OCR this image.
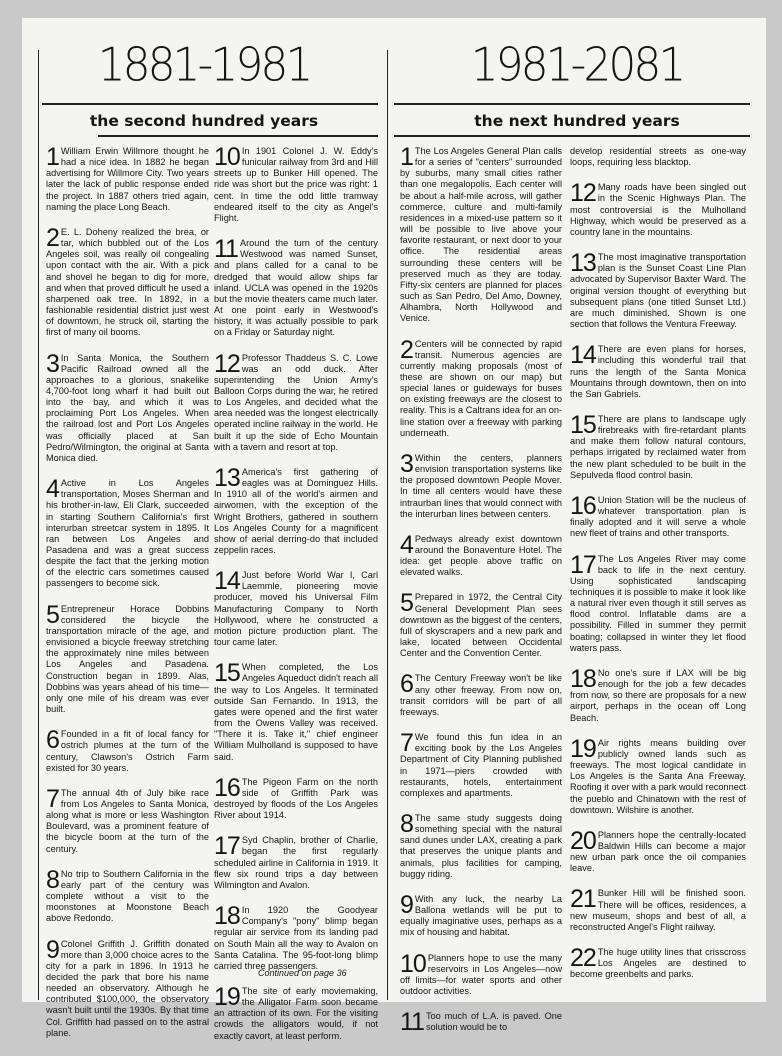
1881-1981
the second hundred years

1 William Erwin Willmore thought he had a nice idea. In 1882 he began advertising for Willmore City. Two years later the lack of public response ended the project. In 1887 others tried again, naming the place Long Beach.

2 E. L. Doheny realized the brea, or tar, which bubbled out of the Los Angeles soil, was really oil congealing upon contact with the air. With a pick and shovel he began to dig for more, and when that proved difficult he used a sharpened oak tree. In 1892, in a fashionable residential district just west of downtown, he struck oil, starting the first of many oil booms.

3 In Santa Monica, the Southern Pacific Railroad owned all the approaches to a glorious, snakelike 4,700-foot long wharf it had built out into the bay, and which it was proclaiming Port Los Angeles. When the railroad lost and Port Los Angeles was officially placed at San Pedro/Wilmington, the original at Santa Monica died.

4 Active in Los Angeles transportation, Moses Sherman and his brother-in-law, Eli Clark, succeeded in starting Southern California's first interurban streetcar system in 1895. It ran between Los Angeles and Pasadena and was a great success despite the fact that the jerking motion of the electric cars sometimes caused passengers to become sick.

5 Entrepreneur Horace Dobbins considered the bicycle the transportation miracle of the age, and envisioned a bicycle freeway stretching the approximately nine miles between Los Angeles and Pasadena. Construction began in 1899. Alas, Dobbins was years ahead of his time—only one mile of his dream was ever built.

6 Founded in a fit of local fancy for ostrich plumes at the turn of the century, Clawson's Ostrich Farm existed for 30 years.

7 The annual 4th of July bike race from Los Angeles to Santa Monica, along what is more or less Washington Boulevard, was a prominent feature of the bicycle boom at the turn of the century.

8 No trip to Southern California in the early part of the century was complete without a visit to the moonstones at Moonstone Beach above Redondo.

9 Colonel Griffith J. Griffith donated more than 3,000 choice acres to the city for a park in 1896. In 1913 he decided the park that bore his name needed an observatory. Although he contributed $100,000, the observatory wasn't built until the 1930s. By that time Col. Griffith had passed on to the astral plane.

10 In 1901 Colonel J. W. Eddy's funicular railway from 3rd and Hill streets up to Bunker Hill opened. The ride was short but the price was right: 1 cent. In time the odd little tramway endeared itself to the city as Angel's Flight.

11 Around the turn of the century Westwood was named Sunset, and plans called for a canal to be dredged that would allow ships far inland. UCLA was opened in the 1920s but the movie theaters came much later. At one point early in Westwood's history, it was actually possible to park on a Friday or Saturday night.

12 Professor Thaddeus S. C. Lowe was an odd duck. After superintending the Union Army's Balloon Corps during the war, he retired to Los Angeles, and decided what the area needed was the longest electrically operated incline railway in the world. He built it up the side of Echo Mountain with a tavern and resort at top.

13 America's first gathering of eagles was at Dominguez Hills. In 1910 all of the world's airmen and airwomen, with the exception of the Wright Brothers, gathered in southern Los Angeles County for a magnificent show of aerial derring-do that included zeppelin races.

14 Just before World War I, Carl Laemmle, pioneering movie producer, moved his Universal Film Manufacturing Company to North Hollywood, where he constructed a motion picture production plant. The tour came later.

15 When completed, the Los Angeles Aqueduct didn't reach all the way to Los Angeles. It terminated outside San Fernando. In 1913, the gates were opened and the first water from the Owens Valley was received. "There it is. Take it," chief engineer William Mulholland is supposed to have said.

16 The Pigeon Farm on the north side of Griffith Park was destroyed by floods of the Los Angeles River about 1914.

17 Syd Chaplin, brother of Charlie, began the first regularly scheduled airline in California in 1919. It flew six round trips a day between Wilmington and Avalon.

18 In 1920 the Goodyear Company's "pony" blimp began regular air service from its landing pad on South Main all the way to Avalon on Santa Catalina. The 95-foot-long blimp carried three passengers.

19 The site of early moviemaking, the Alligator Farm soon became an attraction of its own. For the visiting crowds the alligators would, if not exactly cavort, at least perform.

Continued on page 36
1981-2081
the next hundred years

1 The Los Angeles General Plan calls for a series of "centers" surrounded by suburbs, many small cities rather than one megalopolis. Each center will be about a half-mile across, will gather commerce, culture and multi-family residences in a mixed-use pattern so it will be possible to live above your favorite restaurant, or next door to your office. The residential areas surrounding these centers will be preserved much as they are today. Fifty-six centers are planned for places such as San Pedro, Del Amo, Downey, Alhambra, North Hollywood and Venice.

2 Centers will be connected by rapid transit. Numerous agencies are currently making proposals (most of these are shown on our map) but special lanes or guideways for buses on existing freeways are the closest to reality. This is a Caltrans idea for an on-line station over a freeway with parking underneath.

3 Within the centers, planners envision transportation systems like the proposed downtown People Mover. In time all centers would have these intraurban lines that would connect with the interurban lines between centers.

4 Pedways already exist downtown around the Bonaventure Hotel. The idea: get people above traffic on elevated walks.

5 Prepared in 1972, the Central City General Development Plan sees downtown as the biggest of the centers, full of skyscrapers and a new park and lake, located between Occidental Center and the Convention Center.

6 The Century Freeway won't be like any other freeway. From now on, transit corridors will be part of all freeways.

7 We found this fun idea in an exciting book by the Los Angeles Department of City Planning published in 1971—piers crowded with restaurants, hotels, entertainment complexes and apartments.

8 The same study suggests doing something special with the natural sand dunes under LAX, creating a park that preserves the unique plants and animals, plus facilities for camping, buggy riding.

9 With any luck, the nearby La Ballona wetlands will be put to equally imaginative uses, perhaps as a mix of housing and habitat.

10 Planners hope to use the many reservoirs in Los Angeles—now off limits—for water sports and other outdoor activities.

11 Too much of L.A. is paved. One solution would be to

develop residential streets as one-way loops, requiring less blacktop.

12 Many roads have been singled out in the Scenic Highways Plan. The most controversial is the Mulholland Highway, which would be preserved as a country lane in the mountains.

13 The most imaginative transportation plan is the Sunset Coast Line Plan advocated by Supervisor Baxter Ward. The original version thought of everything but subsequent plans (one titled Sunset Ltd.) are much diminished. Shown is one section that follows the Ventura Freeway.

14 There are even plans for horses, including this wonderful trail that runs the length of the Santa Monica Mountains through downtown, then on into the San Gabriels.

15 There are plans to landscape ugly firebreaks with fire-retardant plants and make them follow natural contours, perhaps irrigated by reclaimed water from the new plant scheduled to be built in the Sepulveda flood control basin.

16 Union Station will be the nucleus of whatever transportation plan is finally adopted and it will serve a whole new fleet of trains and other transports.

17 The Los Angeles River may come back to life in the next century. Using sophisticated landscaping techniques it is possible to make it look like a natural river even though it still serves as flood control. Inflatable dams are a possibility. Filled in summer they permit boating; collapsed in winter they let flood waters pass.

18 No one's sure if LAX will be big enough for the job a few decades from now, so there are proposals for a new airport, perhaps in the ocean off Long Beach.

19 Air rights means building over publicly owned lands such as freeways. The most logical candidate in Los Angeles is the Santa Ana Freeway. Roofing it over with a park would reconnect the pueblo and Chinatown with the rest of downtown. Wilshire is another.

20 Planners hope the centrally-located Baldwin Hills can become a major new urban park once the oil companies leave.

21 Bunker Hill will be finished soon. There will be offices, residences, a new museum, shops and best of all, a reconstructed Angel's Flight railway.

22 The huge utility lines that crisscross Los Angeles are destined to become greenbelts and parks.
